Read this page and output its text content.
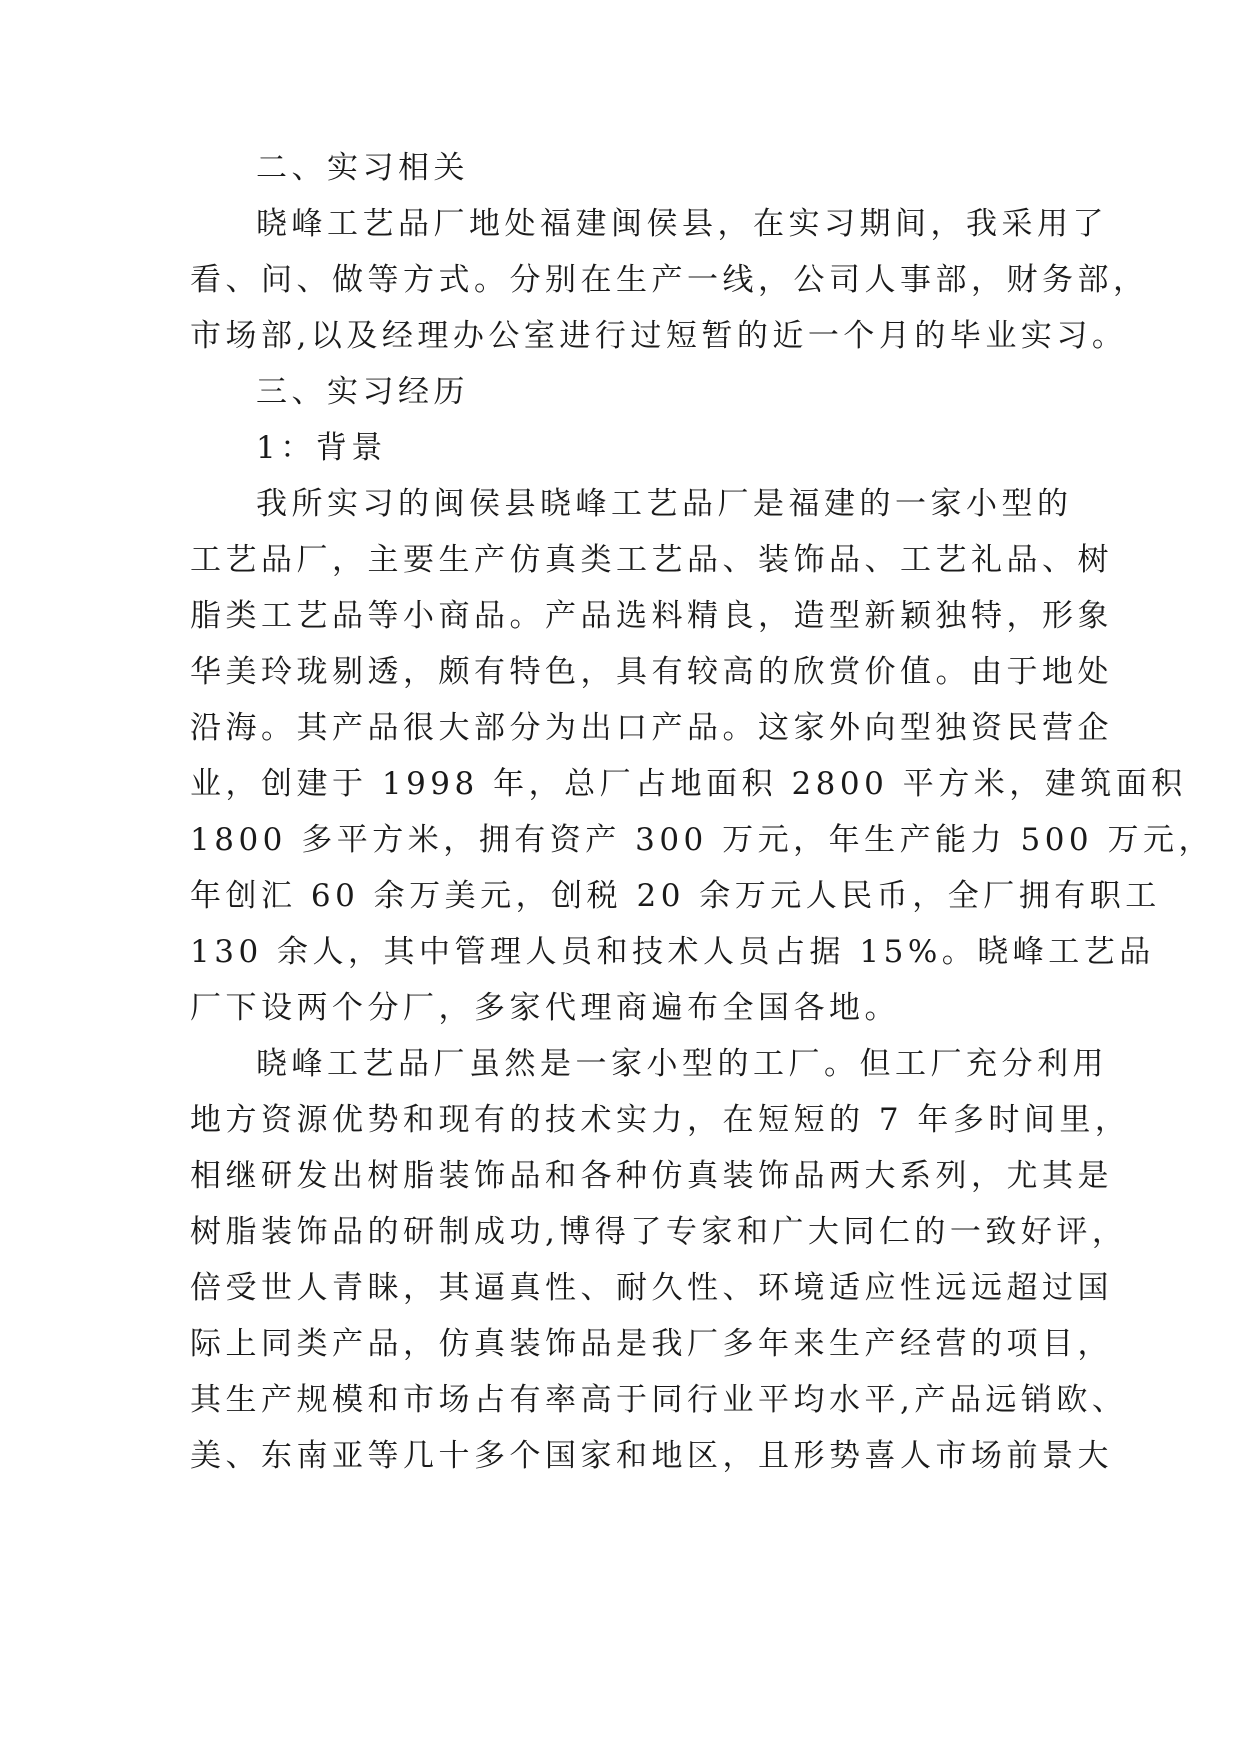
二、实习相关
晓峰工艺品厂地处福建闽侯县，在实习期间，我采用了
看、问、做等方式。分别在生产一线，公司人事部，财务部，
市场部,以及经理办公室进行过短暂的近一个月的毕业实习。
三、实习经历
1：背景
我所实习的闽侯县晓峰工艺品厂是福建的一家小型的
工艺品厂，主要生产仿真类工艺品、装饰品、工艺礼品、树
脂类工艺品等小商品。产品选料精良，造型新颖独特，形象
华美玲珑剔透，颇有特色，具有较高的欣赏价值。由于地处
沿海。其产品很大部分为出口产品。这家外向型独资民营企
业，创建于 1998 年，总厂占地面积 2800 平方米，建筑面积
1800 多平方米，拥有资产 300 万元，年生产能力 500 万元，
年创汇 60 余万美元，创税 20 余万元人民币，全厂拥有职工
130 余人，其中管理人员和技术人员占据 15%。晓峰工艺品
厂下设两个分厂，多家代理商遍布全国各地。
晓峰工艺品厂虽然是一家小型的工厂。但工厂充分利用
地方资源优势和现有的技术实力，在短短的 7 年多时间里，
相继研发出树脂装饰品和各种仿真装饰品两大系列，尤其是
树脂装饰品的研制成功,博得了专家和广大同仁的一致好评，
倍受世人青睐，其逼真性、耐久性、环境适应性远远超过国
际上同类产品，仿真装饰品是我厂多年来生产经营的项目，
其生产规模和市场占有率高于同行业平均水平,产品远销欧、
美、东南亚等几十多个国家和地区，且形势喜人市场前景大
